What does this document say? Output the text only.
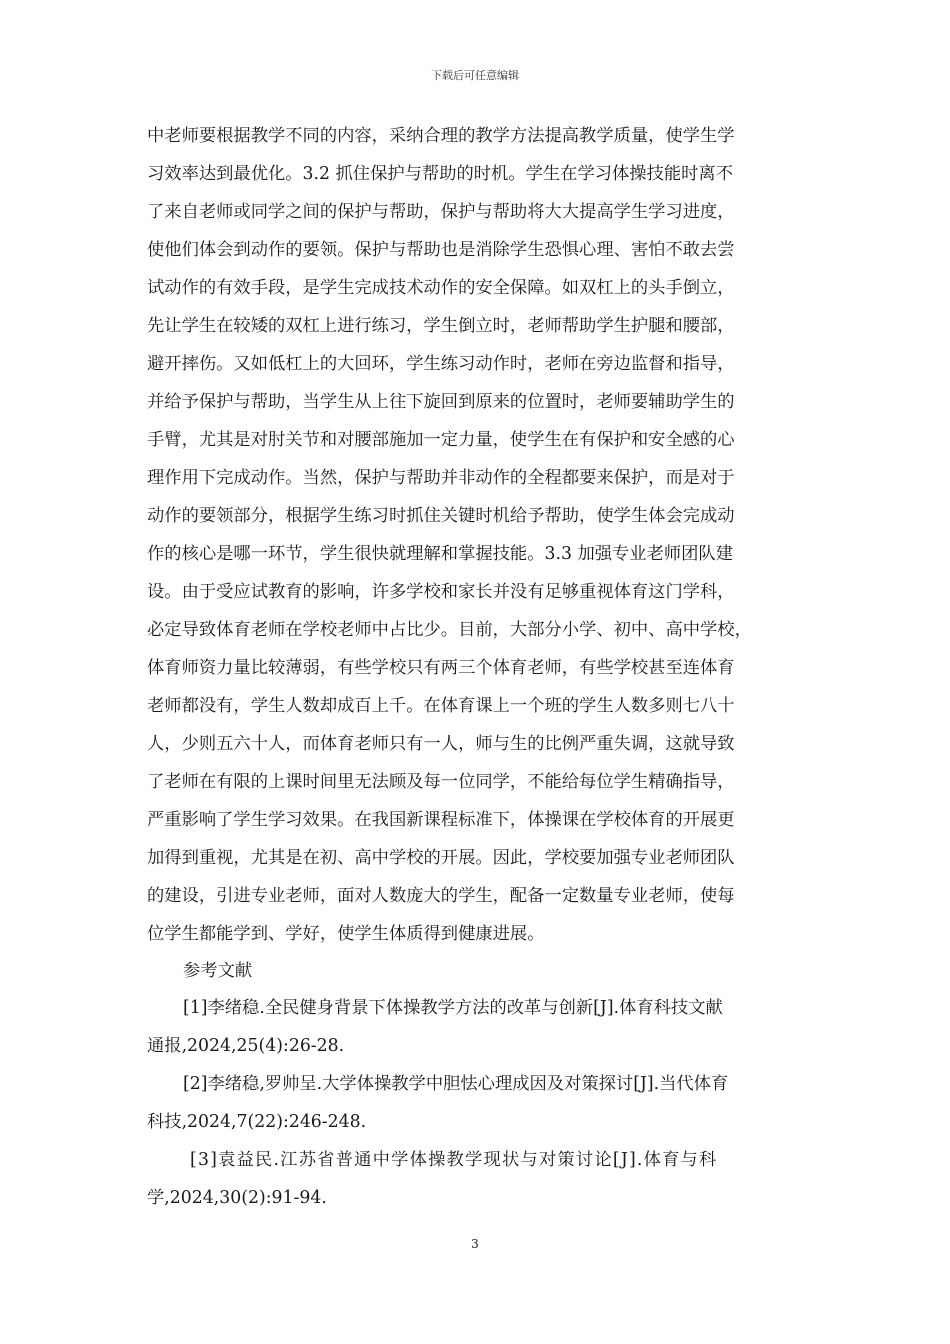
下载后可任意编辑
中老师要根据教学不同的内容，采纳合理的教学方法提高教学质量，使学生学
习效率达到最优化。3.2 抓住保护与帮助的时机。学生在学习体操技能时离不
了来自老师或同学之间的保护与帮助，保护与帮助将大大提高学生学习进度，
使他们体会到动作的要领。保护与帮助也是消除学生恐惧心理、害怕不敢去尝
试动作的有效手段，是学生完成技术动作的安全保障。如双杠上的头手倒立，
先让学生在较矮的双杠上进行练习，学生倒立时，老师帮助学生护腿和腰部，
避开摔伤。又如低杠上的大回环，学生练习动作时，老师在旁边监督和指导，
并给予保护与帮助，当学生从上往下旋回到原来的位置时，老师要辅助学生的
手臂，尤其是对肘关节和对腰部施加一定力量，使学生在有保护和安全感的心
理作用下完成动作。当然，保护与帮助并非动作的全程都要来保护，而是对于
动作的要领部分，根据学生练习时抓住关键时机给予帮助，使学生体会完成动
作的核心是哪一环节，学生很快就理解和掌握技能。3.3 加强专业老师团队建
设。由于受应试教育的影响，许多学校和家长并没有足够重视体育这门学科，
必定导致体育老师在学校老师中占比少。目前，大部分小学、初中、高中学校，
体育师资力量比较薄弱，有些学校只有两三个体育老师，有些学校甚至连体育
老师都没有，学生人数却成百上千。在体育课上一个班的学生人数多则七八十
人，少则五六十人，而体育老师只有一人，师与生的比例严重失调，这就导致
了老师在有限的上课时间里无法顾及每一位同学，不能给每位学生精确指导，
严重影响了学生学习效果。在我国新课程标准下，体操课在学校体育的开展更
加得到重视，尤其是在初、高中学校的开展。因此，学校要加强专业老师团队
的建设，引进专业老师，面对人数庞大的学生，配备一定数量专业老师，使每
位学生都能学到、学好，使学生体质得到健康进展。
参考文献
[1]李绪稳.全民健身背景下体操教学方法的改革与创新[J].体育科技文献
通报,2024,25(4):26-28.
[2]李绪稳,罗帅呈.大学体操教学中胆怯心理成因及对策探讨[J].当代体育
科技,2024,7(22):246-248.
[3]袁益民.江苏省普通中学体操教学现状与对策讨论[J].体育与科
学,2024,30(2):91-94.
3
